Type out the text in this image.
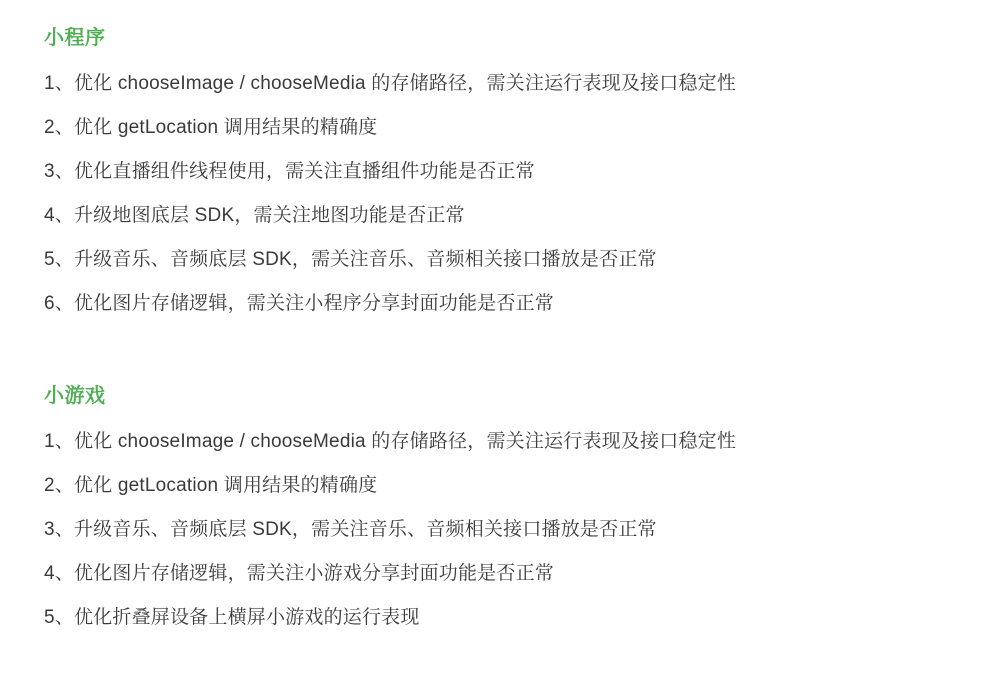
小程序
1、优化 chooseImage / chooseMedia 的存储路径，需关注运行表现及接口稳定性
2、优化 getLocation 调用结果的精确度
3、优化直播组件线程使用，需关注直播组件功能是否正常
4、升级地图底层 SDK，需关注地图功能是否正常
5、升级音乐、音频底层 SDK，需关注音乐、音频相关接口播放是否正常
6、优化图片存储逻辑，需关注小程序分享封面功能是否正常
小游戏
1、优化 chooseImage / chooseMedia 的存储路径，需关注运行表现及接口稳定性
2、优化 getLocation 调用结果的精确度
3、升级音乐、音频底层 SDK，需关注音乐、音频相关接口播放是否正常
4、优化图片存储逻辑，需关注小游戏分享封面功能是否正常
5、优化折叠屏设备上横屏小游戏的运行表现
